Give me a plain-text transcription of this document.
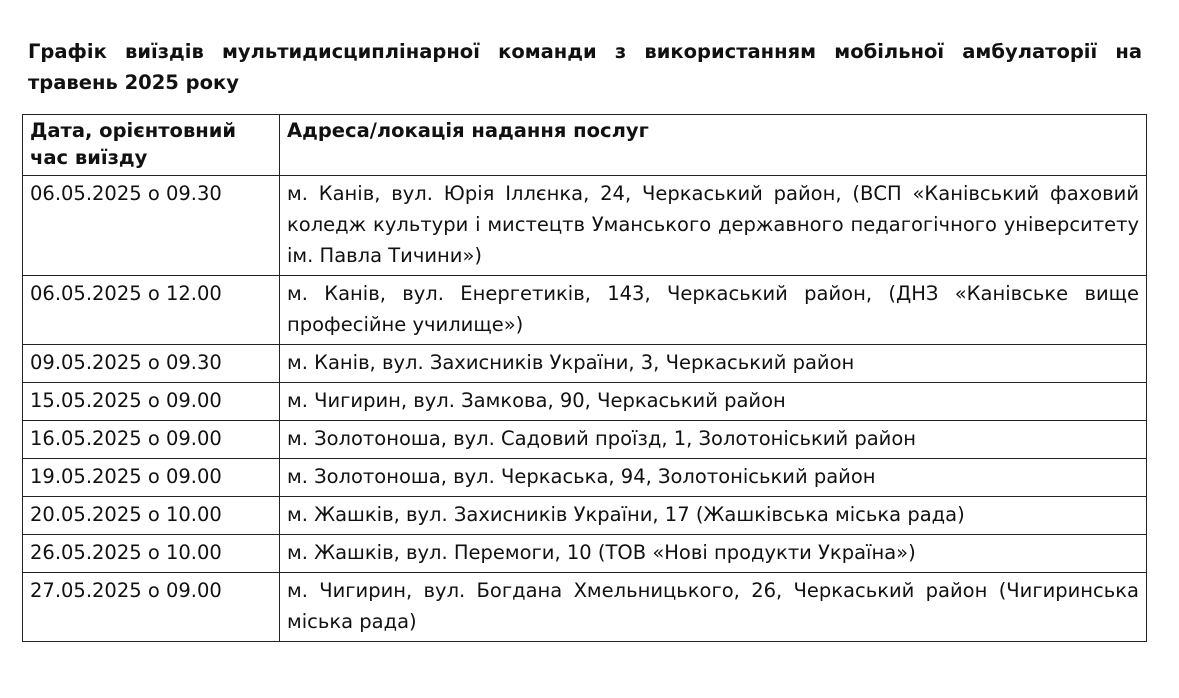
Графік виїздів мультидисциплінарної команди з використанням мобільної амбулаторії на травень 2025 року
Дата, орієнтовний час виїзду	Адреса/локація надання послуг
06.05.2025 о 09.30	м. Канів, вул. Юрія Іллєнка, 24, Черкаський район, (ВСП «Канівський фаховий коледж культури і мистецтв Уманського державного педагогічного університету ім. Павла Тичини»)
06.05.2025 о 12.00	м. Канів, вул. Енергетиків, 143, Черкаський район, (ДНЗ «Канівське вище професійне училище»)
09.05.2025 о 09.30	м. Канів, вул. Захисників України, 3, Черкаський район
15.05.2025 о 09.00	м. Чигирин, вул. Замкова, 90, Черкаський район
16.05.2025 о 09.00	м. Золотоноша, вул. Садовий проїзд, 1, Золотоніський район
19.05.2025 о 09.00	м. Золотоноша, вул. Черкаська, 94, Золотоніський район
20.05.2025 о 10.00	м. Жашків, вул. Захисників України, 17 (Жашківська міська рада)
26.05.2025 о 10.00	м. Жашків, вул. Перемоги, 10 (ТОВ «Нові продукти Україна»)
27.05.2025 о 09.00	м. Чигирин, вул. Богдана Хмельницького, 26, Черкаський район (Чигиринська міська рада)
